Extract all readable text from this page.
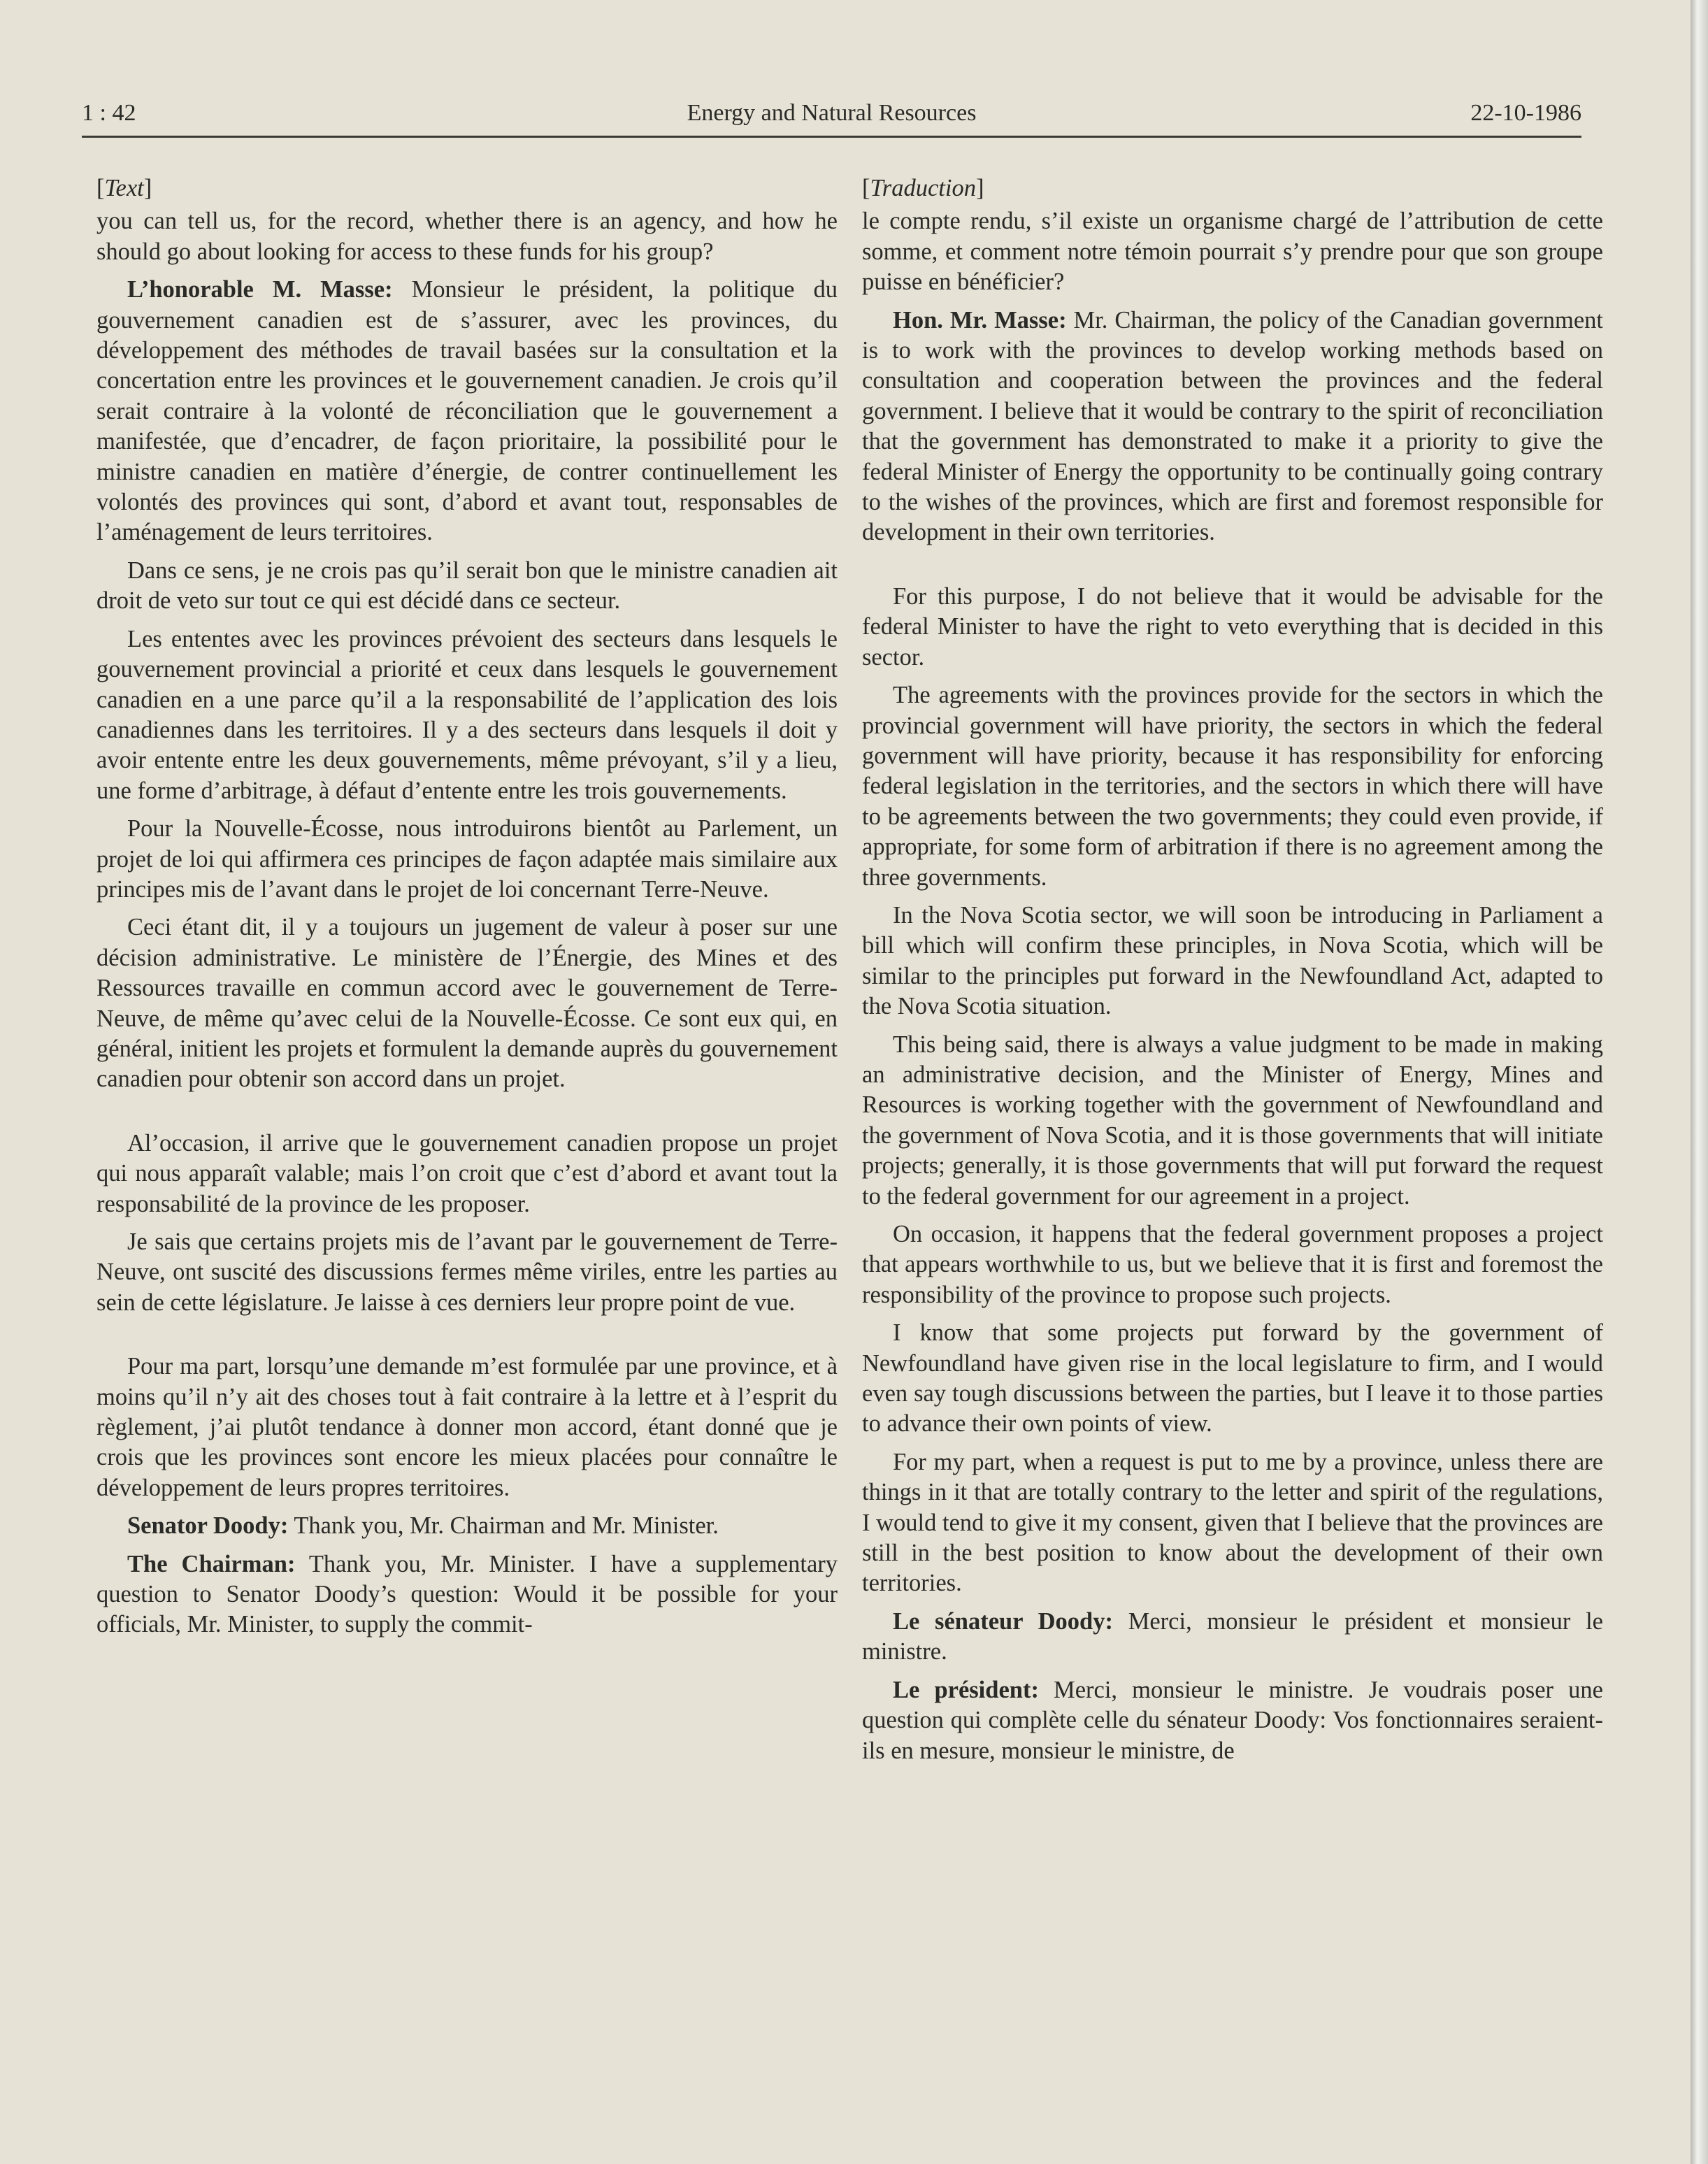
1 : 42	Energy and Natural Resources	22-10-1986
[Text]

you can tell us, for the record, whether there is an agency, and how he should go about looking for access to these funds for his group?

L’honorable M. Masse: Monsieur le président, la politique du gouvernement canadien est de s’assurer, avec les provinces, du développement des méthodes de travail basées sur la consultation et la concertation entre les provinces et le gouvernement canadien. Je crois qu’il serait contraire à la volonté de réconciliation que le gouvernement a manifestée, que d’encadrer, de façon prioritaire, la possibilité pour le ministre canadien en matière d’énergie, de contrer continuellement les volontés des provinces qui sont, d’abord et avant tout, responsables de l’aménagement de leurs territoires.

Dans ce sens, je ne crois pas qu’il serait bon que le ministre canadien ait droit de veto sur tout ce qui est décidé dans ce secteur.

Les ententes avec les provinces prévoient des secteurs dans lesquels le gouvernement provincial a priorité et ceux dans lesquels le gouvernement canadien en a une parce qu’il a la responsabilité de l’application des lois canadiennes dans les territoires. Il y a des secteurs dans lesquels il doit y avoir entente entre les deux gouvernements, même prévoyant, s’il y a lieu, une forme d’arbitrage, à défaut d’entente entre les trois gouvernements.

Pour la Nouvelle-Écosse, nous introduirons bientôt au Parlement, un projet de loi qui affirmera ces principes de façon adaptée mais similaire aux principes mis de l’avant dans le projet de loi concernant Terre-Neuve.

Ceci étant dit, il y a toujours un jugement de valeur à poser sur une décision administrative. Le ministère de l’Énergie, des Mines et des Ressources travaille en commun accord avec le gouvernement de Terre-Neuve, de même qu’avec celui de la Nouvelle-Écosse. Ce sont eux qui, en général, initient les projets et formulent la demande auprès du gouvernement canadien pour obtenir son accord dans un projet.

Al’occasion, il arrive que le gouvernement canadien propose un projet qui nous apparaît valable; mais l’on croit que c’est d’abord et avant tout la responsabilité de la province de les proposer.

Je sais que certains projets mis de l’avant par le gouvernement de Terre-Neuve, ont suscité des discussions fermes même viriles, entre les parties au sein de cette législature. Je laisse à ces derniers leur propre point de vue.

Pour ma part, lorsqu’une demande m’est formulée par une province, et à moins qu’il n’y ait des choses tout à fait contraire à la lettre et à l’esprit du règlement, j’ai plutôt tendance à donner mon accord, étant donné que je crois que les provinces sont encore les mieux placées pour connaître le développement de leurs propres territoires.

Senator Doody: Thank you, Mr. Chairman and Mr. Minister.

The Chairman: Thank you, Mr. Minister. I have a supplementary question to Senator Doody’s question: Would it be possible for your officials, Mr. Minister, to supply the commit-

[Traduction]

le compte rendu, s’il existe un organisme chargé de l’attribution de cette somme, et comment notre témoin pourrait s’y prendre pour que son groupe puisse en bénéficier?

Hon. Mr. Masse: Mr. Chairman, the policy of the Canadian government is to work with the provinces to develop working methods based on consultation and cooperation between the provinces and the federal government. I believe that it would be contrary to the spirit of reconciliation that the government has demonstrated to make it a priority to give the federal Minister of Energy the opportunity to be continually going contrary to the wishes of the provinces, which are first and foremost responsible for development in their own territories.

For this purpose, I do not believe that it would be advisable for the federal Minister to have the right to veto everything that is decided in this sector.

The agreements with the provinces provide for the sectors in which the provincial government will have priority, the sectors in which the federal government will have priority, because it has responsibility for enforcing federal legislation in the territories, and the sectors in which there will have to be agreements between the two governments; they could even provide, if appropriate, for some form of arbitration if there is no agreement among the three governments.

In the Nova Scotia sector, we will soon be introducing in Parliament a bill which will confirm these principles, in Nova Scotia, which will be similar to the principles put forward in the Newfoundland Act, adapted to the Nova Scotia situation.

This being said, there is always a value judgment to be made in making an administrative decision, and the Minister of Energy, Mines and Resources is working together with the government of Newfoundland and the government of Nova Scotia, and it is those governments that will initiate projects; generally, it is those governments that will put forward the request to the federal government for our agreement in a project.

On occasion, it happens that the federal government proposes a project that appears worthwhile to us, but we believe that it is first and foremost the responsibility of the province to propose such projects.

I know that some projects put forward by the government of Newfoundland have given rise in the local legislature to firm, and I would even say tough discussions between the parties, but I leave it to those parties to advance their own points of view.

For my part, when a request is put to me by a province, unless there are things in it that are totally contrary to the letter and spirit of the regulations, I would tend to give it my consent, given that I believe that the provinces are still in the best position to know about the development of their own territories.

Le sénateur Doody: Merci, monsieur le président et monsieur le ministre.

Le président: Merci, monsieur le ministre. Je voudrais poser une question qui complète celle du sénateur Doody: Vos fonctionnaires seraient-ils en mesure, monsieur le ministre, de
